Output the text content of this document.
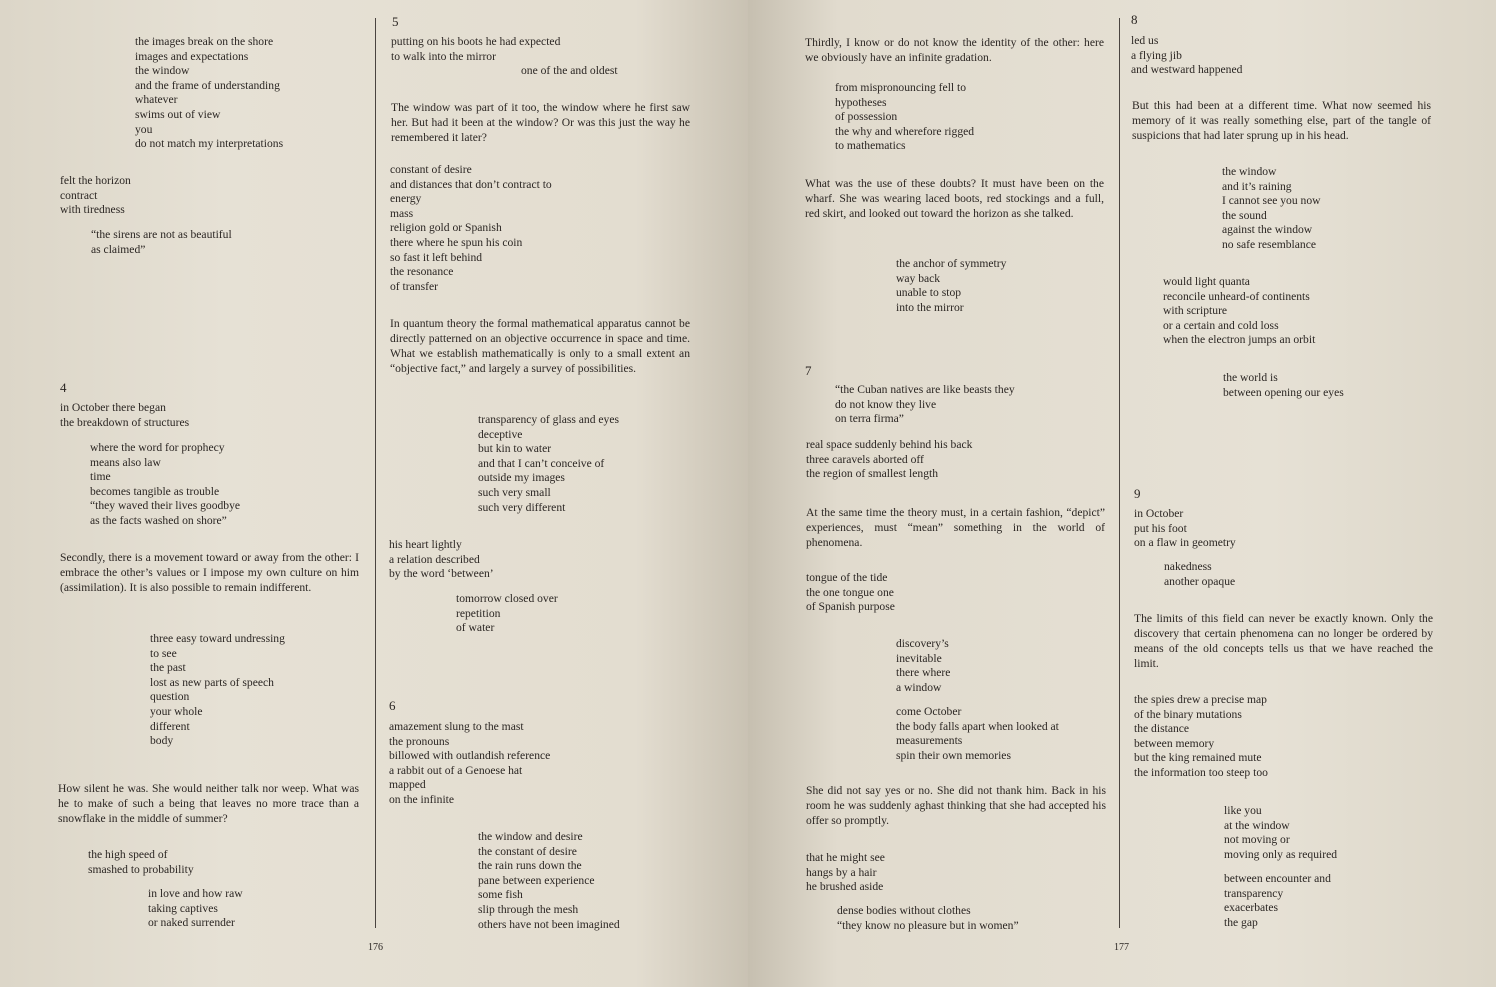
the images break on the shore
images and expectations
the window
and the frame of understanding
whatever
swims out of view
you
do not match my interpretations
felt the horizon
contract
with tiredness
“the sirens are not as beautiful
as claimed”
4
in October there began
the breakdown of structures
where the word for prophecy
means also law
time
becomes tangible as trouble
“they waved their lives goodbye
as the facts washed on shore”

Secondly, there is a movement toward or away from the other: I embrace the other’s values or I impose my own culture on him (assimilation). It is also possible to remain indifferent.

three easy toward undressing
to see
the past
lost as new parts of speech
question
your whole
different
body

How silent he was. She would neither talk nor weep. What was he to make of such a being that leaves no more trace than a snowflake in the middle of summer?

the high speed of
smashed to probability
in love and how raw
taking captives
or naked surrender
5
putting on his boots he had expected
to walk into the mirror
one of the and oldest

The window was part of it too, the window where he first saw her. But had it been at the window? Or was this just the way he remembered it later?

constant of desire
and distances that don’t contract to
energy
mass
religion gold or Spanish
there where he spun his coin
so fast it left behind
the resonance
of transfer

In quantum theory the formal mathematical apparatus cannot be directly patterned on an objective occurrence in space and time. What we establish mathematically is only to a small extent an “objective fact,” and largely a survey of possibilities.

transparency of glass and eyes
deceptive
but kin to water
and that I can’t conceive of
outside my images
such very small
such very different
his heart lightly
a relation described
by the word ‘between’
tomorrow closed over
repetition
of water
6
amazement slung to the mast
the pronouns
billowed with outlandish reference
a rabbit out of a Genoese hat
mapped
on the infinite
the window and desire
the constant of desire
the rain runs down the
pane between experience
some fish
slip through the mesh
others have not been imagined
176

Thirdly, I know or do not know the identity of the other: here we obviously have an infinite gradation.

from mispronouncing fell to
hypotheses
of possession
the why and wherefore rigged
to mathematics

What was the use of these doubts? It must have been on the wharf. She was wearing laced boots, red stockings and a full, red skirt, and looked out toward the horizon as she talked.

the anchor of symmetry
way back
unable to stop
into the mirror
7
“the Cuban natives are like beasts they
do not know they live
on terra firma”
real space suddenly behind his back
three caravels aborted off
the region of smallest length

At the same time the theory must, in a certain fashion, “depict” experiences, must “mean” something in the world of phenomena.

tongue of the tide
the one tongue one
of Spanish purpose
discovery’s
inevitable
there where
a window
come October
the body falls apart when looked at
measurements
spin their own memories

She did not say yes or no. She did not thank him. Back in his room he was suddenly aghast thinking that she had accepted his offer so promptly.

that he might see
hangs by a hair
he brushed aside
dense bodies without clothes
“they know no pleasure but in women”
8
led us
a flying jib
and westward happened

But this had been at a different time. What now seemed his memory of it was really something else, part of the tangle of suspicions that had later sprung up in his head.

the window
and it’s raining
I cannot see you now
the sound
against the window
no safe resemblance
would light quanta
reconcile unheard-of continents
with scripture
or a certain and cold loss
when the electron jumps an orbit
the world is
between opening our eyes
9
in October
put his foot
on a flaw in geometry
nakedness
another opaque

The limits of this field can never be exactly known. Only the discovery that certain phenomena can no longer be ordered by means of the old concepts tells us that we have reached the limit.

the spies drew a precise map
of the binary mutations
the distance
between memory
but the king remained mute
the information too steep too
like you
at the window
not moving or
moving only as required
between encounter and
transparency
exacerbates
the gap
177
